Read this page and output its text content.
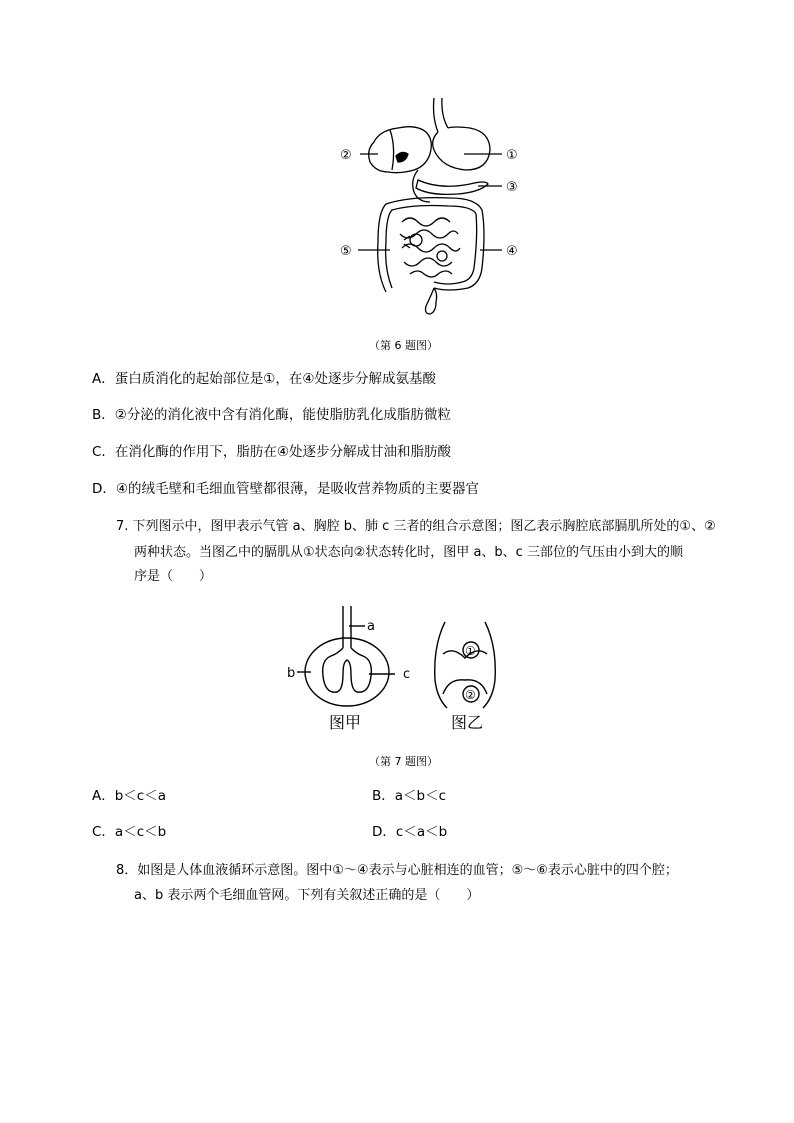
①
②
③
④
⑤
（第 6 题图）
A．蛋白质消化的起始部位是①，在④处逐步分解成氨基酸
B．②分泌的消化液中含有消化酶，能使脂肪乳化成脂肪微粒
C．在消化酶的作用下，脂肪在④处逐步分解成甘油和脂肪酸
D．④的绒毛壁和毛细血管壁都很薄，是吸收营养物质的主要器官
7. 下列图示中，图甲表示气管 a、胸腔 b、肺 c 三者的组合示意图；图乙表示胸腔底部膈肌所处的①、②
两种状态。当图乙中的膈肌从①状态向②状态转化时，图甲 a、b、c 三部位的气压由小到大的顺
序是（　　）
a
b	c
①
②
图甲	图乙
（第 7 题图）
A．b＜c＜a	B．a＜b＜c
C．a＜c＜b	D．c＜a＜b
8．如图是人体血液循环示意图。图中①～④表示与心脏相连的血管；⑤～⑥表示心脏中的四个腔；
a、b 表示两个毛细血管网。下列有关叙述正确的是（　　）
